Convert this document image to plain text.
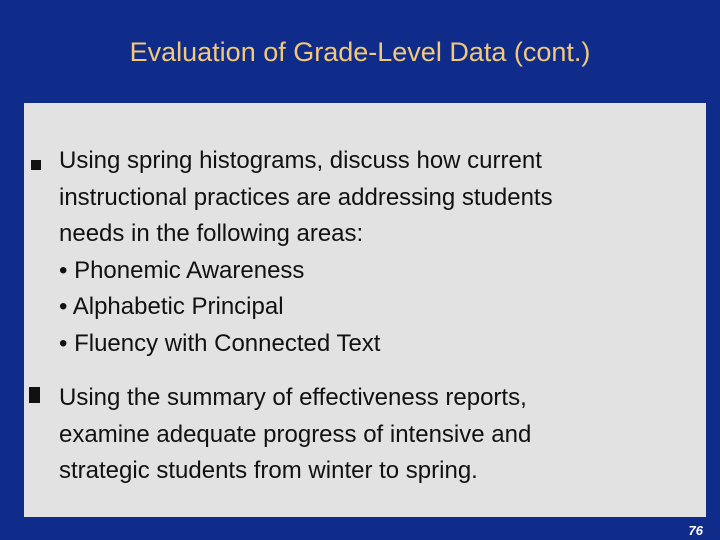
Evaluation of Grade-Level Data (cont.)
Using spring histograms, discuss how current
instructional practices are addressing students
needs in the following areas:
• Phonemic Awareness
• Alphabetic Principal
• Fluency with Connected Text
Using the summary of effectiveness reports,
examine adequate progress of intensive and
strategic students from winter to spring.
76
